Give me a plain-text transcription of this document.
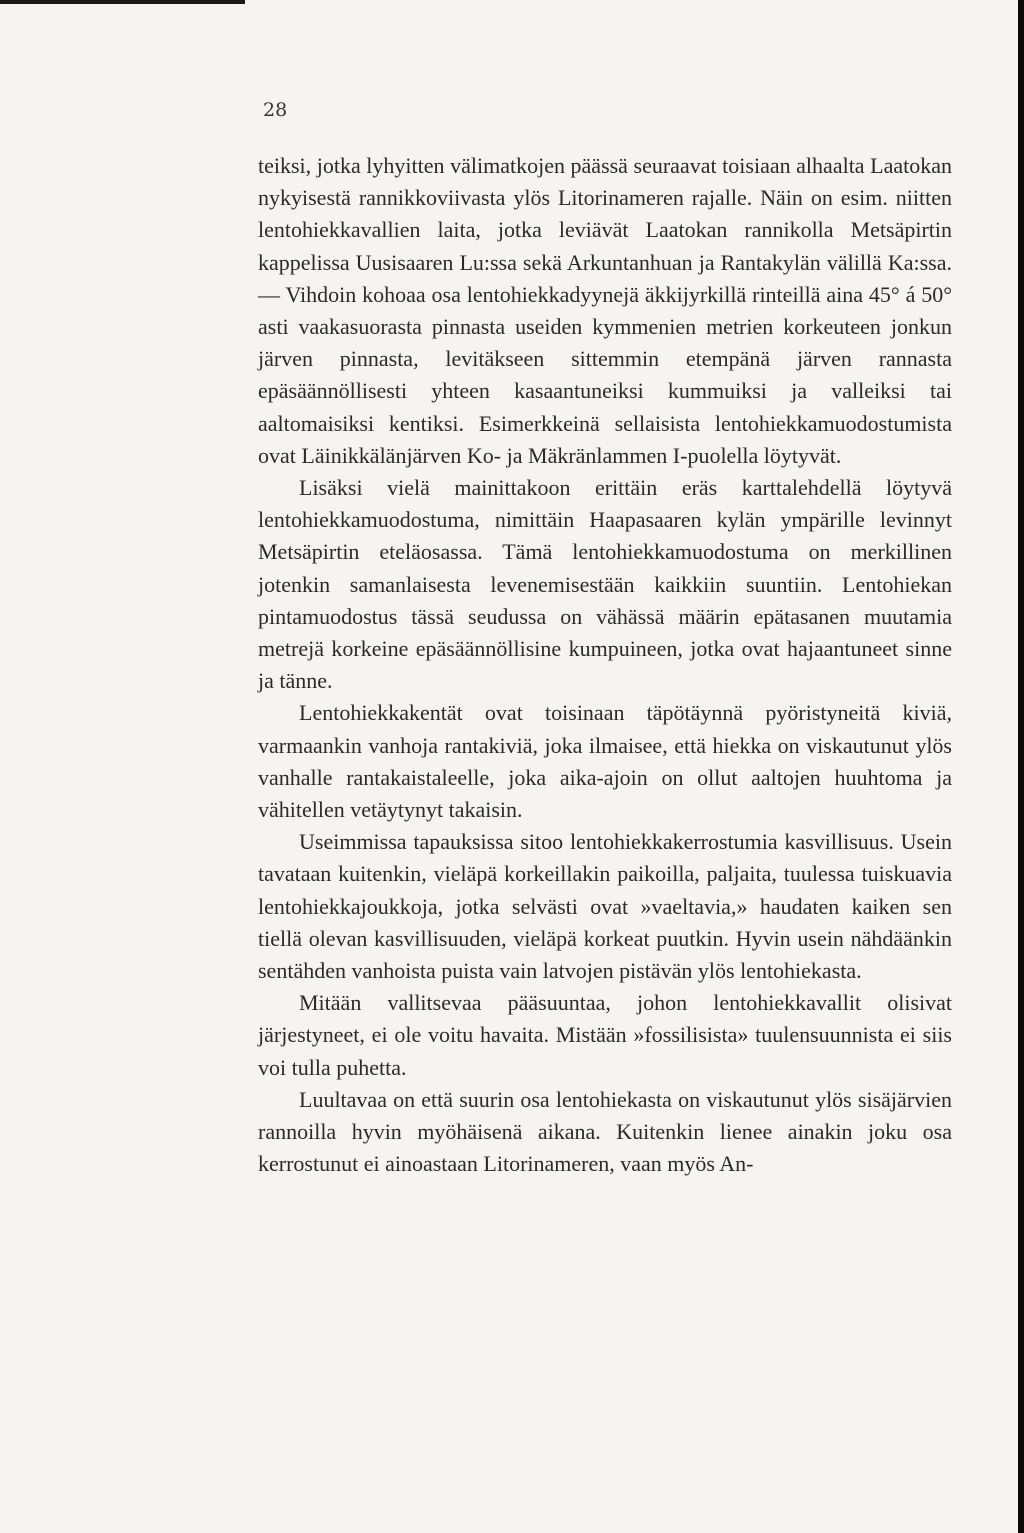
28

teiksi, jotka lyhyitten välimatkojen päässä seuraavat toisiaan alhaalta Laatokan nykyisestä rannikkoviivasta ylös Litorinameren rajalle. Näin on esim. niitten lentohiekkavallien laita, jotka leviävät Laatokan rannikolla Metsäpirtin kappelissa Uusisaaren Lu:ssa sekä Arkuntanhuan ja Rantakylän välillä Ka:ssa. — Vihdoin kohoaa osa lentohiekkadyynejä äkkijyrkillä rinteillä aina 45° á 50° asti vaakasuorasta pinnasta useiden kymmenien metrien korkeuteen jonkun järven pinnasta, levitäkseen sittemmin etempänä järven rannasta epäsäännöllisesti yhteen kasaantuneiksi kummuiksi ja valleiksi tai aaltomaisiksi kentiksi. Esimerkkeinä sellaisista lentohiekkamuodostumista ovat Läinikkälänjärven Ko- ja Mäkränlammen I-puolella löytyvät.

Lisäksi vielä mainittakoon erittäin eräs karttalehdellä löytyvä lentohiekkamuodostuma, nimittäin Haapasaaren kylän ympärille levinnyt Metsäpirtin eteläosassa. Tämä lentohiekkamuodostuma on merkillinen jotenkin samanlaisesta levenemisestään kaikkiin suuntiin. Lentohiekan pintamuodostus tässä seudussa on vähässä määrin epätasanen muutamia metrejä korkeine epäsäännöllisine kumpuineen, jotka ovat hajaantuneet sinne ja tänne.

Lentohiekkakentät ovat toisinaan täpötäynnä pyöristyneitä kiviä, varmaankin vanhoja rantakiviä, joka ilmaisee, että hiekka on viskautunut ylös vanhalle rantakaistaleelle, joka aika-ajoin on ollut aaltojen huuhtoma ja vähitellen vetäytynyt takaisin.

Useimmissa tapauksissa sitoo lentohiekkakerrostumia kasvillisuus. Usein tavataan kuitenkin, vieläpä korkeillakin paikoilla, paljaita, tuulessa tuiskuavia lentohiekkajoukkoja, jotka selvästi ovat »vaeltavia,» haudaten kaiken sen tiellä olevan kasvillisuuden, vieläpä korkeat puutkin. Hyvin usein nähdäänkin sentähden vanhoista puista vain latvojen pistävän ylös lentohiekasta.

Mitään vallitsevaa pääsuuntaa, johon lentohiekkavallit olisivat järjestyneet, ei ole voitu havaita. Mistään »fossilisista» tuulensuunnista ei siis voi tulla puhetta.

Luultavaa on että suurin osa lentohiekasta on viskautunut ylös sisäjärvien rannoilla hyvin myöhäisenä aikana. Kuitenkin lienee ainakin joku osa kerrostunut ei ainoastaan Litorinameren, vaan myös An-
